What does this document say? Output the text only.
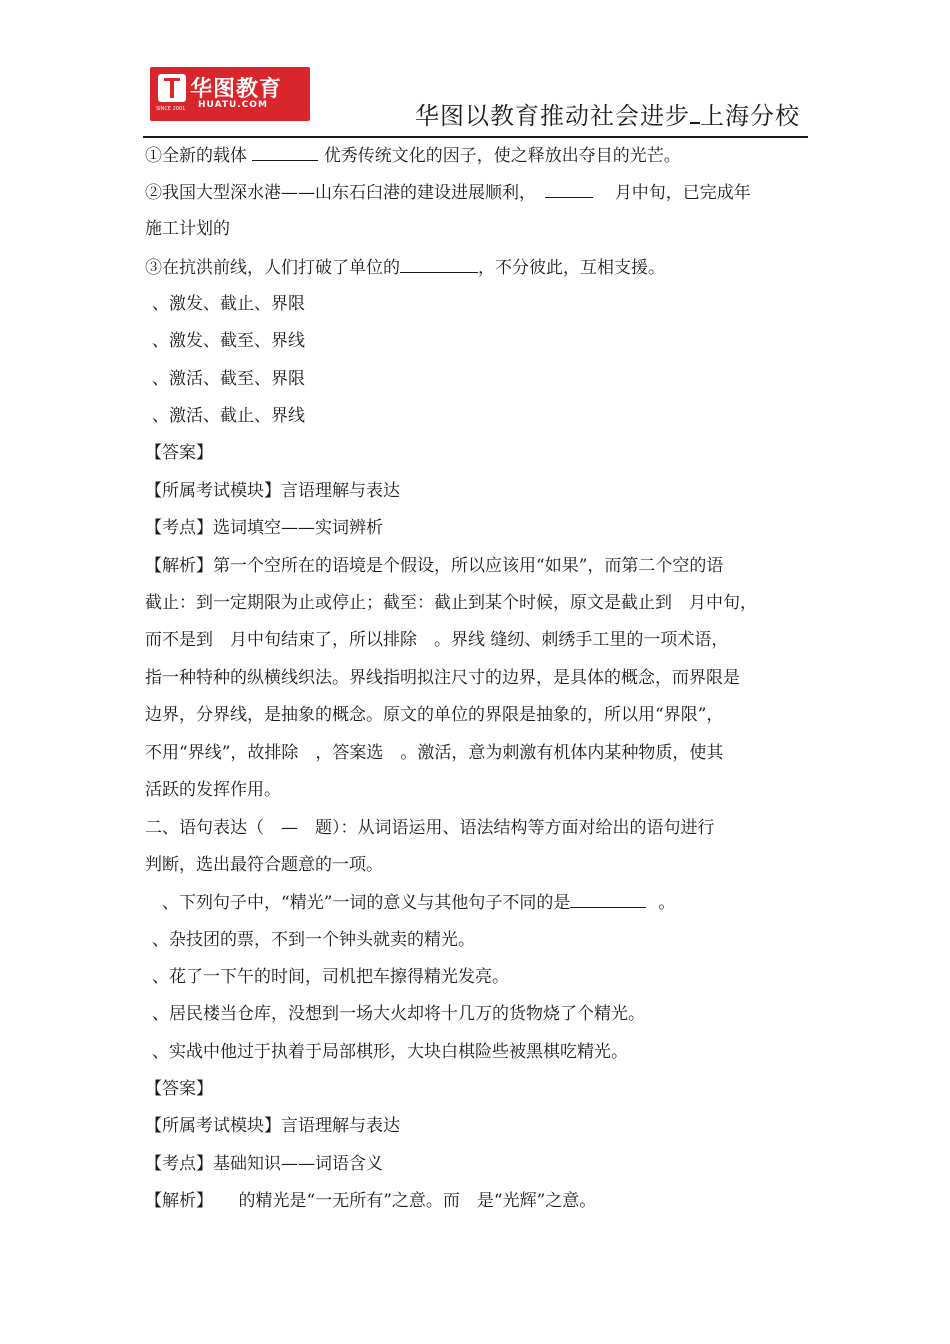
华图教育
HUATU.COM
SINCE 2001	华图以教育推动社会进步 上海分校
①全新的载体	优秀传统文化的因子，使之释放出夺目的光芒。
②我国大型深水港——山东石臼港的建设进展顺利，	月中旬，已完成年
施工计划的
③在抗洪前线，人们打破了单位的	，不分彼此，互相支援。
、激发、截止、界限
、激发、截至、界线
、激活、截至、界限
、激活、截止、界线
【答案】
【所属考试模块】言语理解与表达
【考点】选词填空——实词辨析
【解析】第一个空所在的语境是个假设，所以应该用“如果”，而第二个空的语
截止：到一定期限为止或停止；截至：截止到某个时候，原文是截止到　月中旬，
而不是到　月中旬结束了，所以排除　。界线 缝纫、刺绣手工里的一项术语，
指一种特种的纵横线织法。界线指明拟注尺寸的边界，是具体的概念，而界限是
边界，分界线，是抽象的概念。原文的单位的界限是抽象的，所以用“界限”，
不用“界线”，故排除　，答案选　。激活，意为刺激有机体内某种物质，使其
活跃的发挥作用。
二、语句表达（　—　题）：从词语运用、语法结构等方面对给出的语句进行
判断，选出最符合题意的一项。
、下列句子中，“精光”一词的意义与其他句子不同的是	。
、杂技团的票，不到一个钟头就卖的精光。
、花了一下午的时间，司机把车擦得精光发亮。
、居民楼当仓库，没想到一场大火却将十几万的货物烧了个精光。
、实战中他过于执着于局部棋形，大块白棋险些被黑棋吃精光。
【答案】
【所属考试模块】言语理解与表达
【考点】基础知识——词语含义
【解析】　　的精光是“一无所有”之意。而　是“光辉”之意。
